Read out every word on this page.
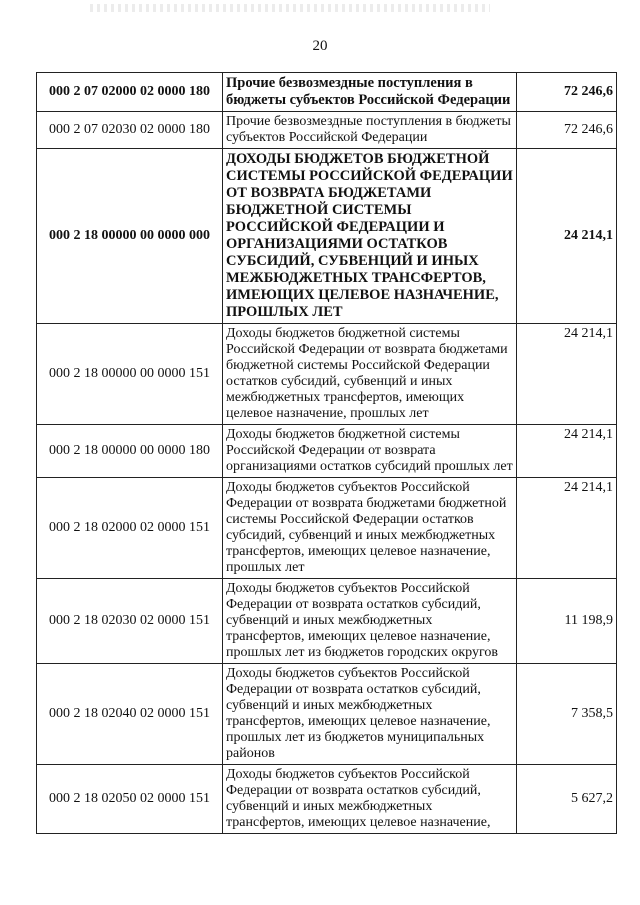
20
000 2 07 02000 02 0000 180	Прочие безвозмездные поступления в бюджеты субъектов Российской Федерации	72 246,6
000 2 07 02030 02 0000 180	Прочие безвозмездные поступления в бюджеты субъектов Российской Федерации	72 246,6
000 2 18 00000 00 0000 000	ДОХОДЫ БЮДЖЕТОВ БЮДЖЕТНОЙ СИСТЕМЫ РОССИЙСКОЙ ФЕДЕРАЦИИ ОТ ВОЗВРАТА БЮДЖЕТАМИ БЮДЖЕТНОЙ СИСТЕМЫ РОССИЙСКОЙ ФЕДЕРАЦИИ И ОРГАНИЗАЦИЯМИ ОСТАТКОВ СУБСИДИЙ, СУБВЕНЦИЙ И ИНЫХ МЕЖБЮДЖЕТНЫХ ТРАНСФЕРТОВ, ИМЕЮЩИХ ЦЕЛЕВОЕ НАЗНАЧЕНИЕ, ПРОШЛЫХ ЛЕТ	24 214,1
000 2 18 00000 00 0000 151	Доходы бюджетов бюджетной системы Российской Федерации от возврата бюджетами бюджетной системы Российской Федерации остатков субсидий, субвенций и иных межбюджетных трансфертов, имеющих целевое назначение, прошлых лет	24 214,1
000 2 18 00000 00 0000 180	Доходы бюджетов бюджетной системы Российской Федерации от возврата организациями остатков субсидий прошлых лет	24 214,1
000 2 18 02000 02 0000 151	Доходы бюджетов субъектов Российской Федерации от возврата бюджетами бюджетной системы Российской Федерации остатков субсидий, субвенций и иных межбюджетных трансфертов, имеющих целевое назначение, прошлых лет	24 214,1
000 2 18 02030 02 0000 151	Доходы бюджетов субъектов Российской Федерации от возврата остатков субсидий, субвенций и иных межбюджетных трансфертов, имеющих целевое назначение, прошлых лет из бюджетов городских округов	11 198,9
000 2 18 02040 02 0000 151	Доходы бюджетов субъектов Российской Федерации от возврата остатков субсидий, субвенций и иных межбюджетных трансфертов, имеющих целевое назначение, прошлых лет из бюджетов муниципальных районов	7 358,5
000 2 18 02050 02 0000 151	Доходы бюджетов субъектов Российской Федерации от возврата остатков субсидий, субвенций и иных межбюджетных трансфертов, имеющих целевое назначение,	5 627,2
